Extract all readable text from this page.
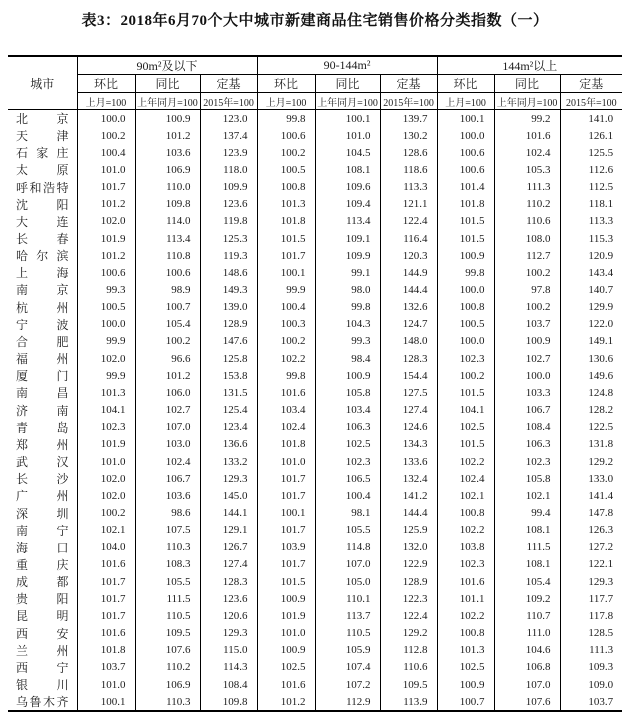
表3：2018年6月70个大中城市新建商品住宅销售价格分类指数（一）
城市	90m²及以下			90-144m²			144m²以上		
	环比	同比	定基	环比	同比	定基	环比	同比	定基
	上月=100	上年同月=100	2015年=100	上月=100	上年同月=100	2015年=100	上月=100	上年同月=100	2015年=100
北京	100.0	100.9	123.0	99.8	100.1	139.7	100.1	99.2	141.0
天津	100.2	101.2	137.4	100.6	101.0	130.2	100.0	101.6	126.1
石家庄	100.4	103.6	123.9	100.2	104.5	128.6	100.6	102.4	125.5
太原	101.0	106.9	118.0	100.5	108.1	118.6	100.6	105.3	112.6
呼和浩特	101.7	110.0	109.9	100.8	109.6	113.3	101.4	111.3	112.5
沈阳	101.2	109.8	123.6	101.3	109.4	121.1	101.8	110.2	118.1
大连	102.0	114.0	119.8	101.8	113.4	122.4	101.5	110.6	113.3
长春	101.9	113.4	125.3	101.5	109.1	116.4	101.5	108.0	115.3
哈尔滨	101.2	110.8	119.3	101.7	109.9	120.3	100.9	112.7	120.9
上海	100.6	100.6	148.6	100.1	99.1	144.9	99.8	100.2	143.4
南京	99.3	98.9	149.3	99.9	98.0	144.4	100.0	97.8	140.7
杭州	100.5	100.7	139.0	100.4	99.8	132.6	100.8	100.2	129.9
宁波	100.0	105.4	128.9	100.3	104.3	124.7	100.5	103.7	122.0
合肥	99.9	100.2	147.6	100.2	99.3	148.0	100.0	100.9	149.1
福州	102.0	96.6	125.8	102.2	98.4	128.3	102.3	102.7	130.6
厦门	99.9	101.2	153.8	99.8	100.9	154.4	100.2	100.0	149.6
南昌	101.3	106.0	131.5	101.6	105.8	127.5	101.5	103.3	124.8
济南	104.1	102.7	125.4	103.4	103.4	127.4	104.1	106.7	128.2
青岛	102.3	107.0	123.4	102.4	106.3	124.6	102.5	108.4	122.5
郑州	101.9	103.0	136.6	101.8	102.5	134.3	101.5	106.3	131.8
武汉	101.0	102.4	133.2	101.0	102.3	133.6	102.2	102.3	129.2
长沙	102.0	106.7	129.3	101.7	106.5	132.4	102.4	105.8	133.0
广州	102.0	103.6	145.0	101.7	100.4	141.2	102.1	102.1	141.4
深圳	100.2	98.6	144.1	100.1	98.1	144.4	100.8	99.4	147.8
南宁	102.1	107.5	129.1	101.7	105.5	125.9	102.2	108.1	126.3
海口	104.0	110.3	126.7	103.9	114.8	132.0	103.8	111.5	127.2
重庆	101.6	108.3	127.4	101.7	107.0	122.9	102.3	108.1	122.1
成都	101.7	105.5	128.3	101.5	105.0	128.9	101.6	105.4	129.3
贵阳	101.7	111.5	123.6	100.9	110.1	122.3	101.1	109.2	117.7
昆明	101.7	110.5	120.6	101.9	113.7	122.4	102.2	110.7	117.8
西安	101.6	109.5	129.3	101.0	110.5	129.2	100.8	111.0	128.5
兰州	101.8	107.6	115.0	100.9	105.9	112.8	101.3	104.6	111.3
西宁	103.7	110.2	114.3	102.5	107.4	110.6	102.5	106.8	109.3
银川	101.0	106.9	108.4	101.6	107.2	109.5	100.9	107.0	109.0
乌鲁木齐	100.1	110.3	109.8	101.2	112.9	113.9	100.7	107.6	103.7
